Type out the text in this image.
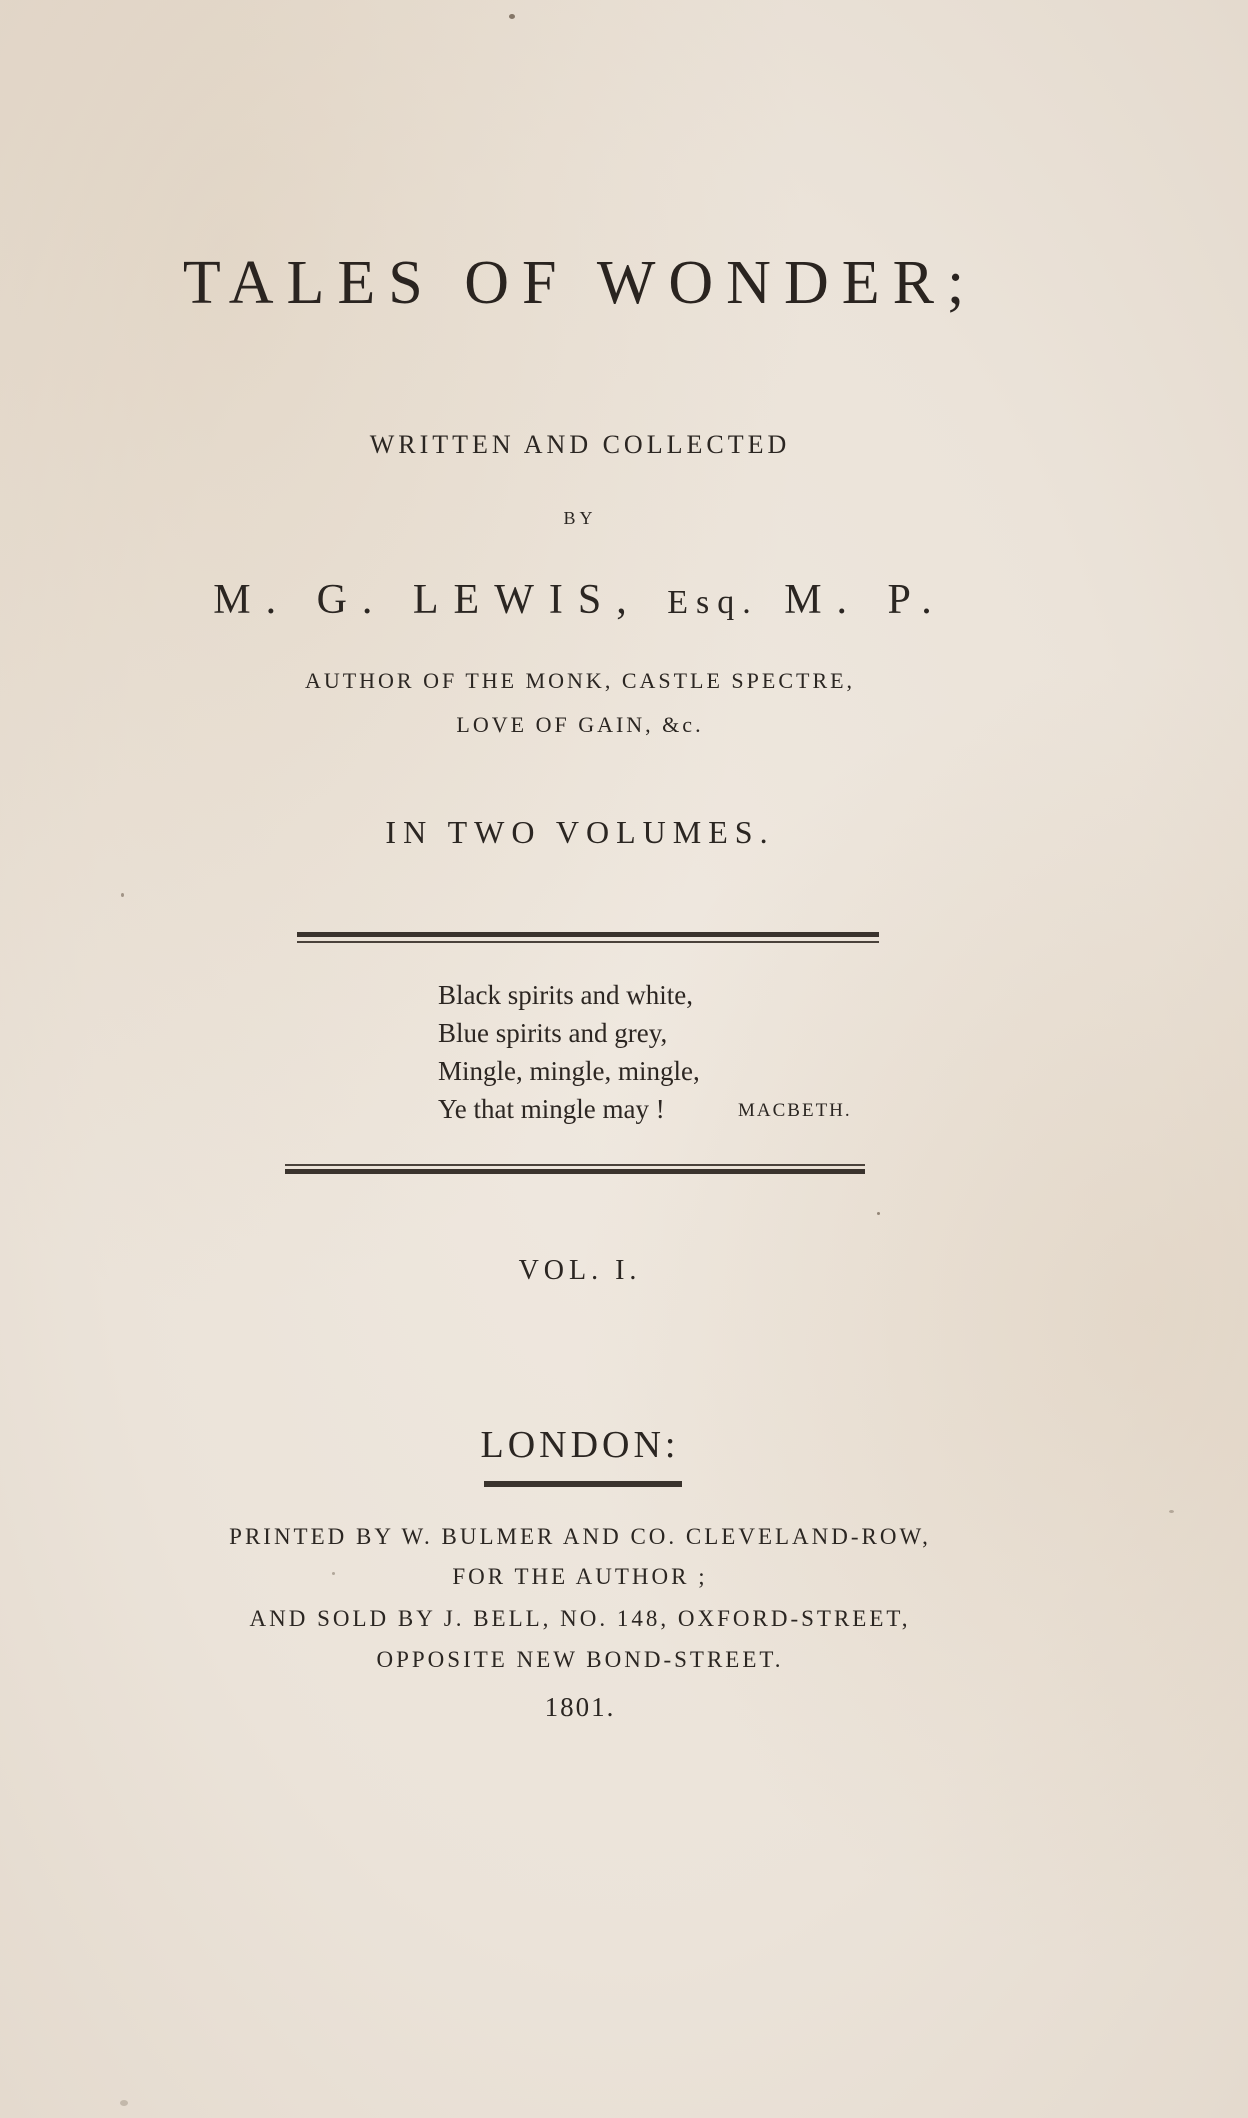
TALES OF WONDER;
WRITTEN AND COLLECTED
BY
M. G. LEWIS, Esq. M. P.
AUTHOR OF THE MONK, CASTLE SPECTRE,
LOVE OF GAIN, &c.
IN TWO VOLUMES.
Black spirits and white,
Blue spirits and grey,
Mingle, mingle, mingle,
Ye that mingle may !	MACBETH.
VOL. I.
LONDON:
PRINTED BY W. BULMER AND CO. CLEVELAND-ROW,
FOR THE AUTHOR ;
AND SOLD BY J. BELL, NO. 148, OXFORD-STREET,
OPPOSITE NEW BOND-STREET.
1801.
